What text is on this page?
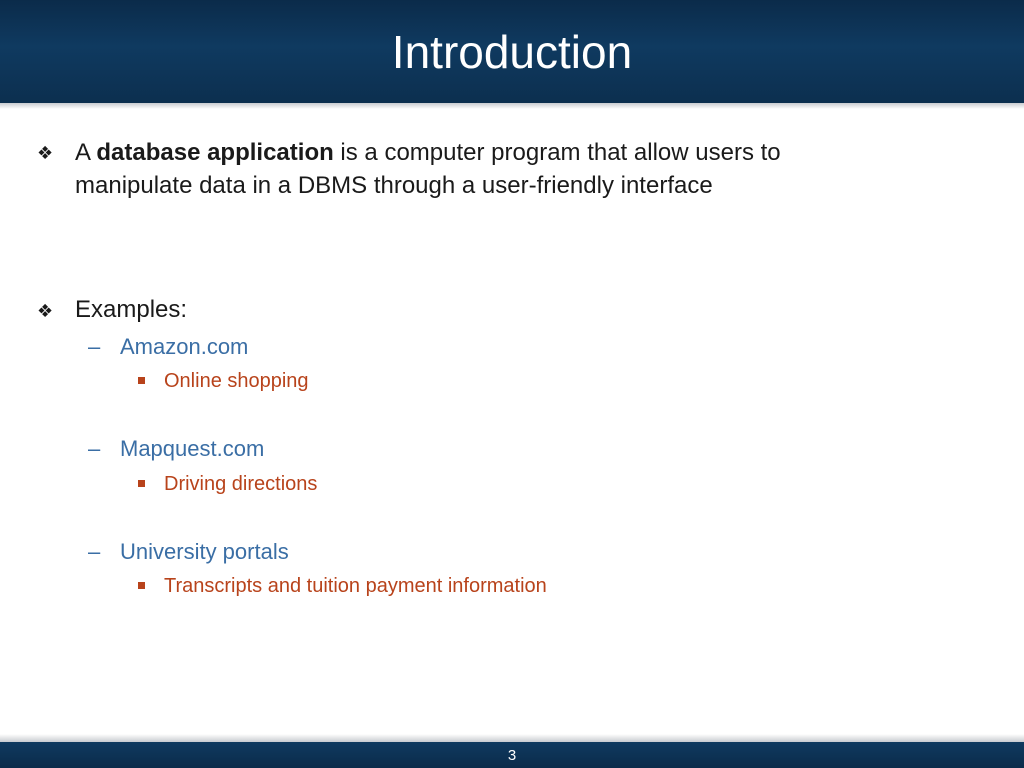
Introduction
❖ A database application is a computer program that allow users to
manipulate data in a DBMS through a user-friendly interface
❖ Examples:
– Amazon.com
Online shopping
– Mapquest.com
Driving directions
– University portals
Transcripts and tuition payment information
3
